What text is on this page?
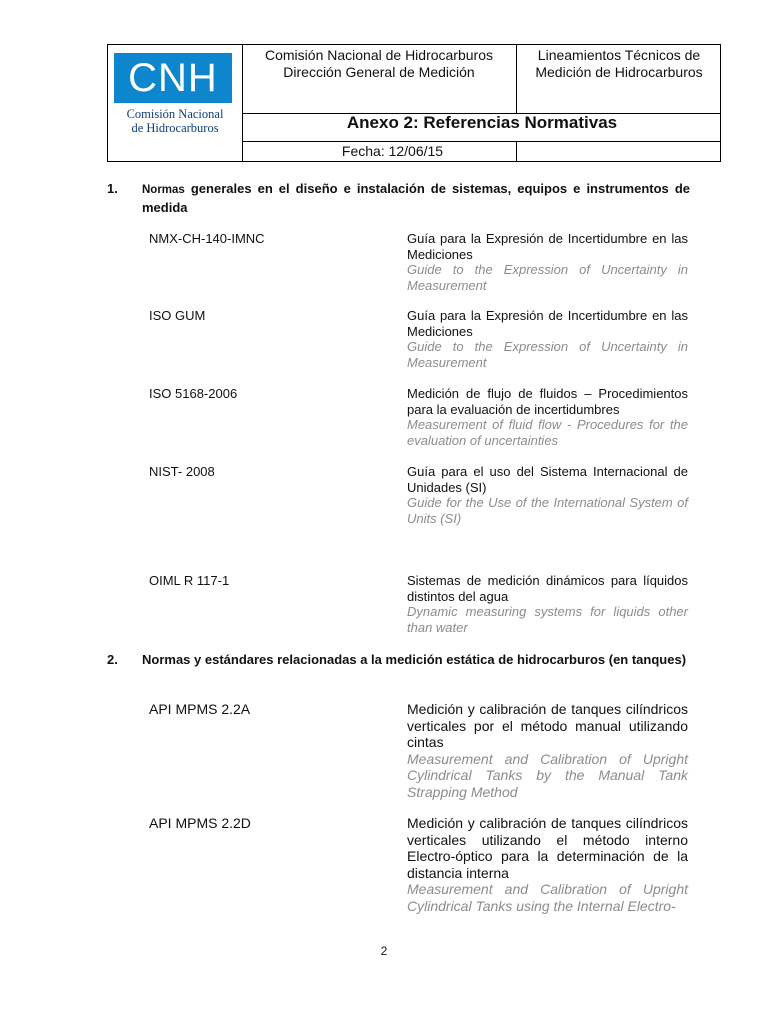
CNH
Comisión Nacional
de Hidrocarburos
Comisión Nacional de Hidrocarburos
Dirección General de Medición
Lineamientos Técnicos de
Medición de Hidrocarburos
Anexo 2: Referencias Normativas
Fecha: 12/06/15
1. Normas generales en el diseño e instalación de sistemas, equipos e instrumentos de medida
NMX-CH-140-IMNC	Guía para la Expresión de Incertidumbre en las Mediciones
Guide to the Expression of Uncertainty in Measurement
ISO GUM	Guía para la Expresión de Incertidumbre en las Mediciones
Guide to the Expression of Uncertainty in Measurement
ISO 5168-2006	Medición de flujo de fluidos – Procedimientos para la evaluación de incertidumbres
Measurement of fluid flow - Procedures for the evaluation of uncertainties
NIST- 2008	Guía para el uso del Sistema Internacional de Unidades (SI)
Guide for the Use of the International System of Units (SI)
OIML R 117-1	Sistemas de medición dinámicos para líquidos distintos del agua
Dynamic measuring systems for liquids other than water
2. Normas y estándares relacionadas a la medición estática de hidrocarburos (en tanques)
API MPMS 2.2A	Medición y calibración de tanques cilíndricos verticales por el método manual utilizando cintas
Measurement and Calibration of Upright Cylindrical Tanks by the Manual Tank Strapping Method
API MPMS 2.2D	Medición y calibración de tanques cilíndricos verticales utilizando el método interno Electro-óptico para la determinación de la distancia interna
Measurement and Calibration of Upright Cylindrical Tanks using the Internal Electro-
2
